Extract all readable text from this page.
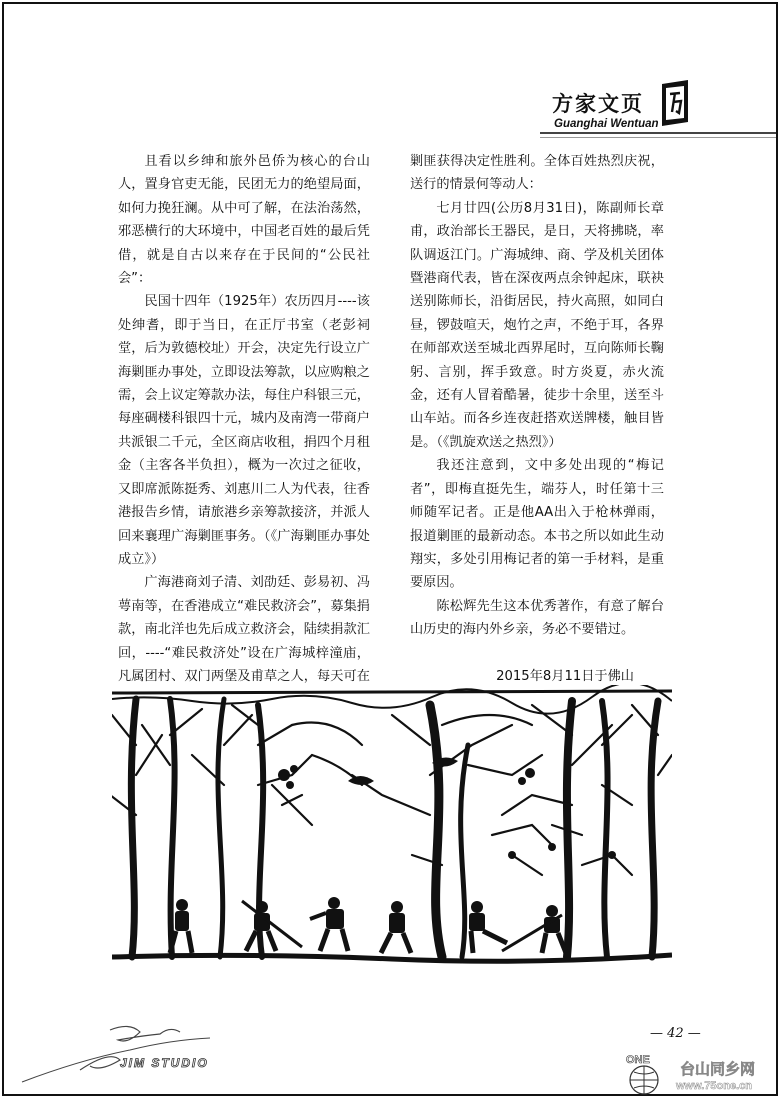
方家文页
Guanghai Wentuan

且看以乡绅和旅外邑侨为核心的台山人，置身官吏无能，民团无力的绝望局面，如何力挽狂澜。从中可了解，在法治荡然，邪恶横行的大环境中，中国老百姓的最后凭借，就是自古以来存在于民间的“公民社会”：

民国十四年（1925年）农历四月----该处绅耆，即于当日，在正厅书室（老彭祠堂，后为敦德校址）开会，决定先行设立广海剿匪办事处，立即设法筹款，以应购粮之需，会上议定筹款办法，每住户科银三元，每座碉楼科银四十元，城内及南湾一带商户共派银二千元，全区商店收租，捐四个月租金（主客各半负担），概为一次过之征收，又即席派陈挺秀、刘惠川二人为代表，往香港报告乡情，请旅港乡亲筹款接济，并派人回来襄理广海剿匪事务。（《广海剿匪办事处成立》）

广海港商刘子清、刘劭廷、彭易初、冯萼南等，在香港成立“难民救济会”，募集捐款，南北洋也先后成立救济会，陆续捐款汇回，----“难民救济处”设在广海城梓潼庙，凡属团村、双门两堡及甫草之人，每天可在

剿匪获得决定性胜利。全体百姓热烈庆祝，送行的情景何等动人：

七月廿四(公历8月31日)，陈副师长章甫，政治部长王器民，是日，天将拂晓，率队调返江门。广海城绅、商、学及机关团体暨港商代表，皆在深夜两点余钟起床，联袂送别陈师长，沿街居民，持火高照，如同白昼，锣鼓喧天，炮竹之声，不绝于耳，各界在师部欢送至城北西界尾时，互向陈师长鞠躬、言别，挥手致意。时方炎夏，赤火流金，还有人冒着酷暑，徒步十余里，送至斗山车站。而各乡连夜赶搭欢送牌楼，触目皆是。（《凯旋欢送之热烈》）

我还注意到，文中多处出现的“梅记者”，即梅直挺先生，端芬人，时任第十三师随军记者。正是他AA出入于枪林弹雨，报道剿匪的最新动态。本书之所以如此生动翔实，多处引用梅记者的第一手材料，是重要原因。

陈松辉先生这本优秀著作，有意了解台山历史的海内外乡亲，务必不要错过。

2015年8月11日于佛山

— 42 —
JIM STUDIO	ONE 台山同乡网
www.75one.cn
